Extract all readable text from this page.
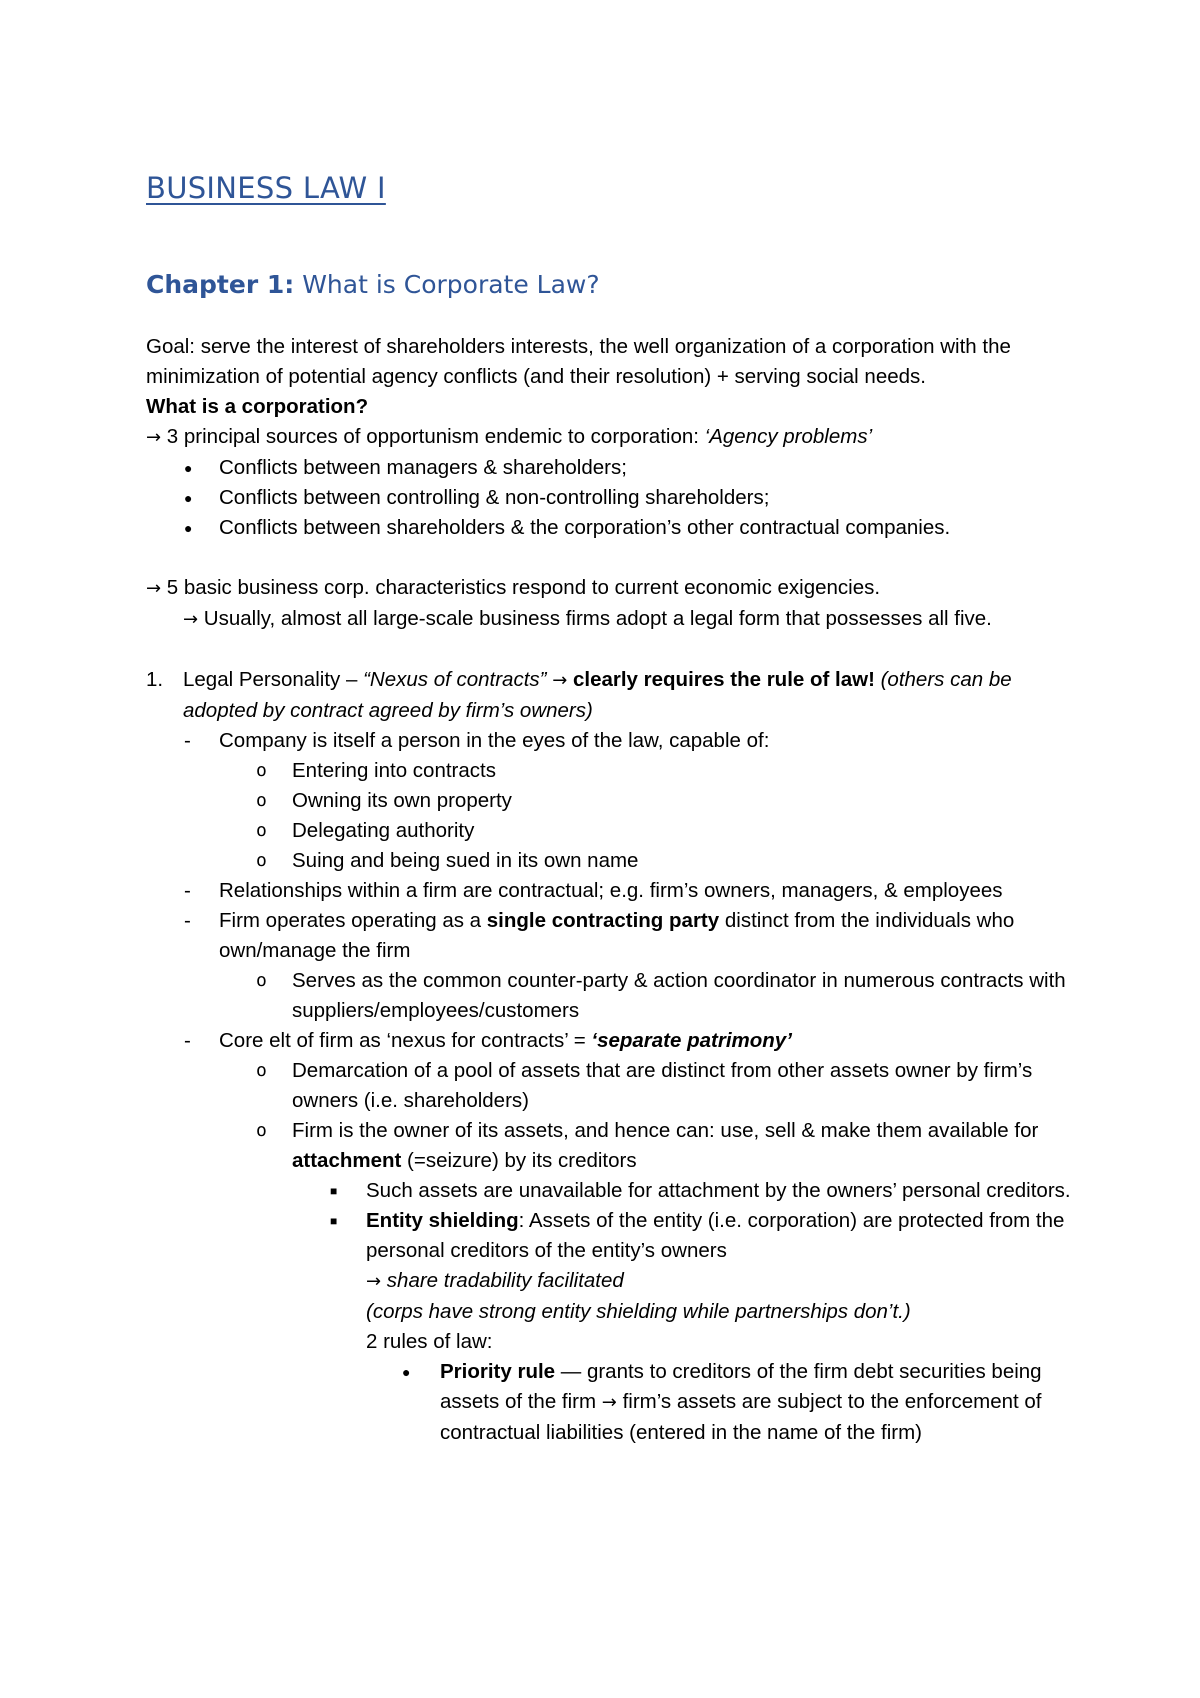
BUSINESS LAW I
Chapter 1: What is Corporate Law?

Goal: serve the interest of shareholders interests, the well organization of a corporation with the minimization of potential agency conflicts (and their resolution) + serving social needs.

What is a corporation?

→ 3 principal sources of opportunism endemic to corporation: ‘Agency problems’

● Conflicts between managers & shareholders;
● Conflicts between controlling & non-controlling shareholders;
● Conflicts between shareholders & the corporation’s other contractual companies.

→ 5 basic business corp. characteristics respond to current economic exigencies.

→ Usually, almost all large-scale business firms adopt a legal form that possesses all five.

1. Legal Personality – “Nexus of contracts” → clearly requires the rule of law! (others can be adopted by contract agreed by firm’s owners)
- Company is itself a person in the eyes of the law, capable of:
o Entering into contracts
o Owning its own property
o Delegating authority
o Suing and being sued in its own name
- Relationships within a firm are contractual; e.g. firm’s owners, managers, & employees
- Firm operates operating as a single contracting party distinct from the individuals who own/manage the firm
o Serves as the common counter-party & action coordinator in numerous contracts with suppliers/employees/customers
- Core elt of firm as ‘nexus for contracts’ = ‘separate patrimony’
o Demarcation of a pool of assets that are distinct from other assets owner by firm’s owners (i.e. shareholders)
o Firm is the owner of its assets, and hence can: use, sell & make them available for attachment (=seizure) by its creditors
■ Such assets are unavailable for attachment by the owners’ personal creditors.
■ Entity shielding: Assets of the entity (i.e. corporation) are protected from the personal creditors of the entity’s owners
→ share tradability facilitated
(corps have strong entity shielding while partnerships don’t.)
2 rules of law:
● Priority rule — grants to creditors of the firm debt securities being assets of the firm → firm’s assets are subject to the enforcement of contractual liabilities (entered in the name of the firm)
